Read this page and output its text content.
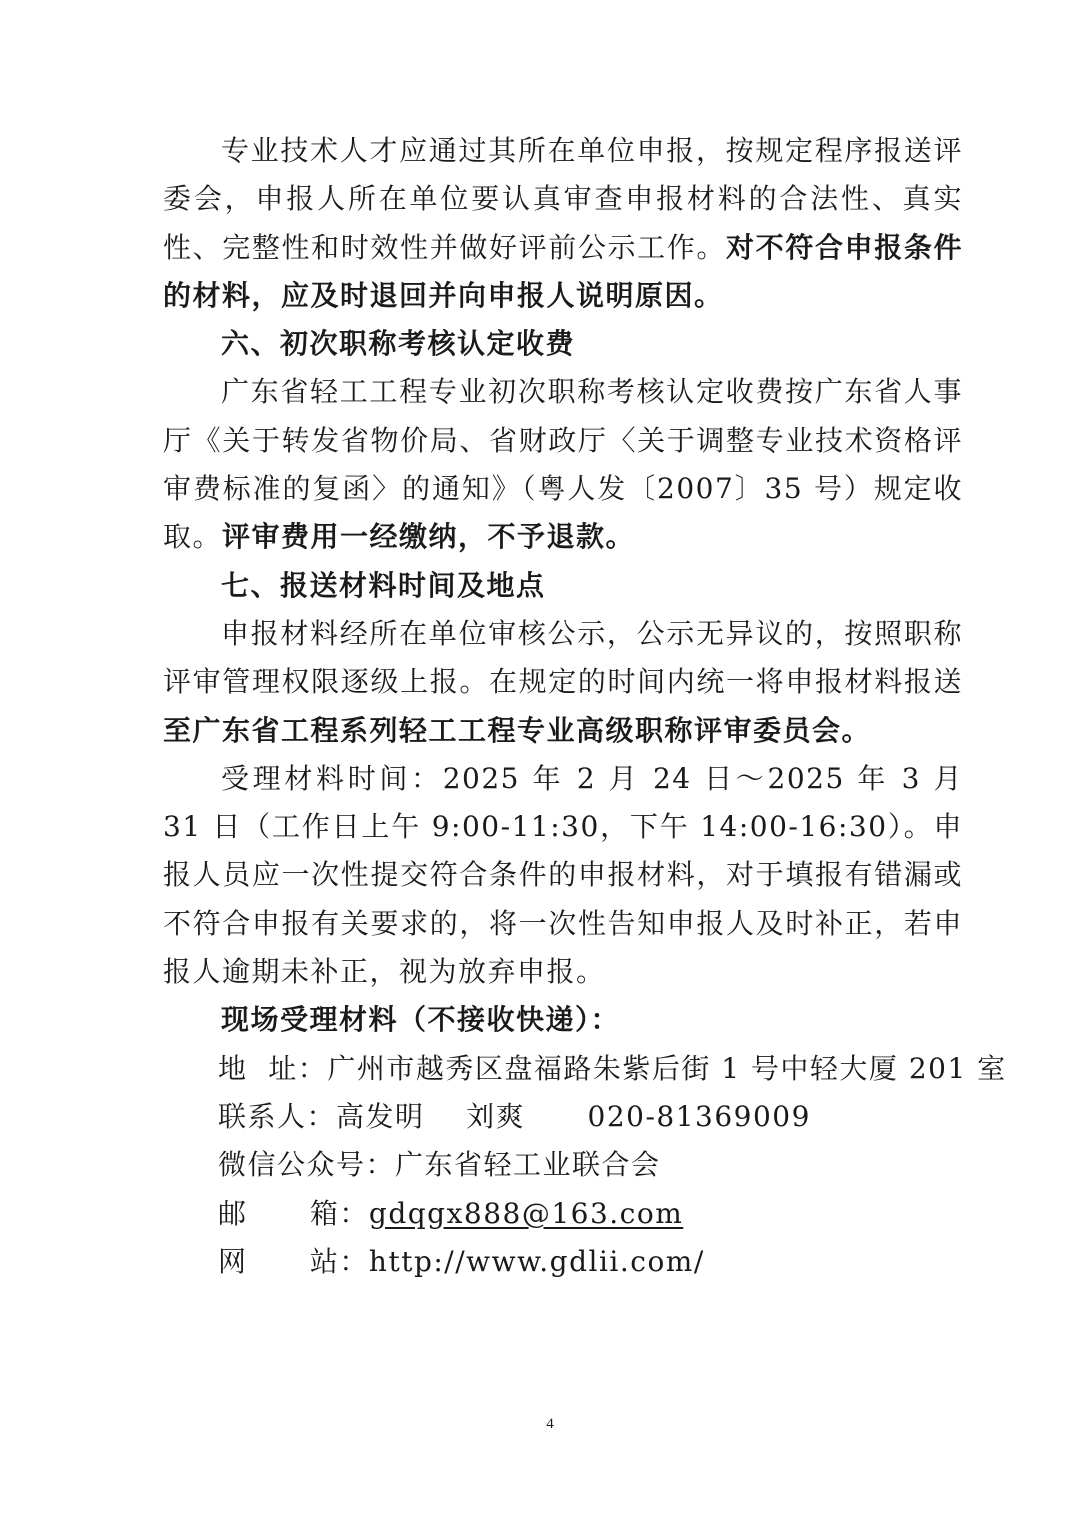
专业技术人才应通过其所在单位申报，按规定程序报送评委会，申报人所在单位要认真审查申报材料的合法性、真实性、完整性和时效性并做好评前公示工作。对不符合申报条件的材料，应及时退回并向申报人说明原因。

六、初次职称考核认定收费

广东省轻工工程专业初次职称考核认定收费按广东省人事厅《关于转发省物价局、省财政厅〈关于调整专业技术资格评审费标准的复函〉的通知》（粤人发〔2007〕35 号）规定收取。评审费用一经缴纳，不予退款。

七、报送材料时间及地点

申报材料经所在单位审核公示，公示无异议的，按照职称评审管理权限逐级上报。在规定的时间内统一将申报材料报送至广东省工程系列轻工工程专业高级职称评审委员会。

受理材料时间：2025 年 2 月 24 日～2025 年 3 月 31 日（工作日上午 9:00-11:30，下午 14:00-16:30）。申报人员应一次性提交符合条件的申报材料，对于填报有错漏或不符合申报有关要求的，将一次性告知申报人及时补正，若申报人逾期未补正，视为放弃申报。

现场受理材料（不接收快递）：

地  址：广州市越秀区盘福路朱紫后街 1 号中轻大厦 201 室

联系人：高发明    刘爽      020-81369009

微信公众号：广东省轻工业联合会

邮      箱：gdqgx888@163.com

网      站：http://www.gdlii.com/

4
